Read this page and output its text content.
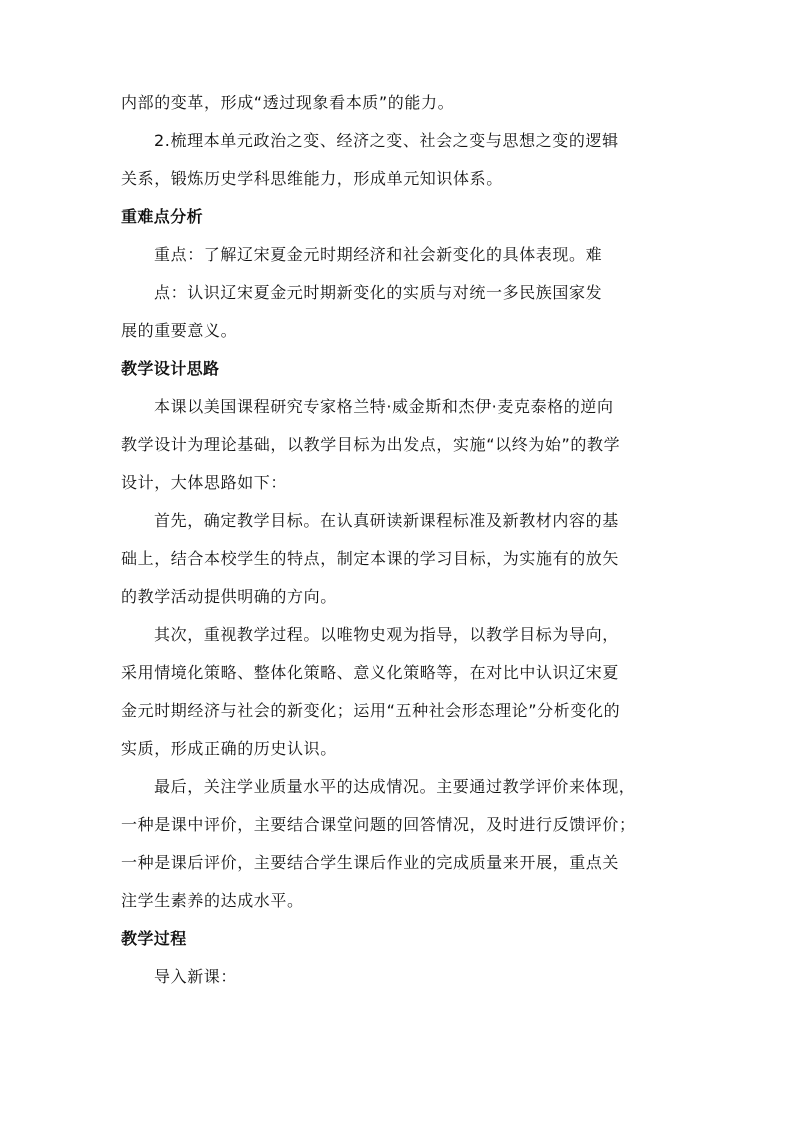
内部的变革，形成“透过现象看本质”的能力。
2.梳理本单元政治之变、经济之变、社会之变与思想之变的逻辑
关系，锻炼历史学科思维能力，形成单元知识体系。
重难点分析
重点：了解辽宋夏金元时期经济和社会新变化的具体表现。难
点：认识辽宋夏金元时期新变化的实质与对统一多民族国家发
展的重要意义。
教学设计思路
本课以美国课程研究专家格兰特·威金斯和杰伊·麦克泰格的逆向
教学设计为理论基础，以教学目标为出发点，实施“以终为始”的教学
设计，大体思路如下：
首先，确定教学目标。在认真研读新课程标准及新教材内容的基
础上，结合本校学生的特点，制定本课的学习目标，为实施有的放矢
的教学活动提供明确的方向。
其次，重视教学过程。以唯物史观为指导，以教学目标为导向，
采用情境化策略、整体化策略、意义化策略等，在对比中认识辽宋夏
金元时期经济与社会的新变化；运用“五种社会形态理论”分析变化的
实质，形成正确的历史认识。
最后，关注学业质量水平的达成情况。主要通过教学评价来体现，
一种是课中评价，主要结合课堂问题的回答情况，及时进行反馈评价；
一种是课后评价，主要结合学生课后作业的完成质量来开展，重点关
注学生素养的达成水平。
教学过程
导入新课：
